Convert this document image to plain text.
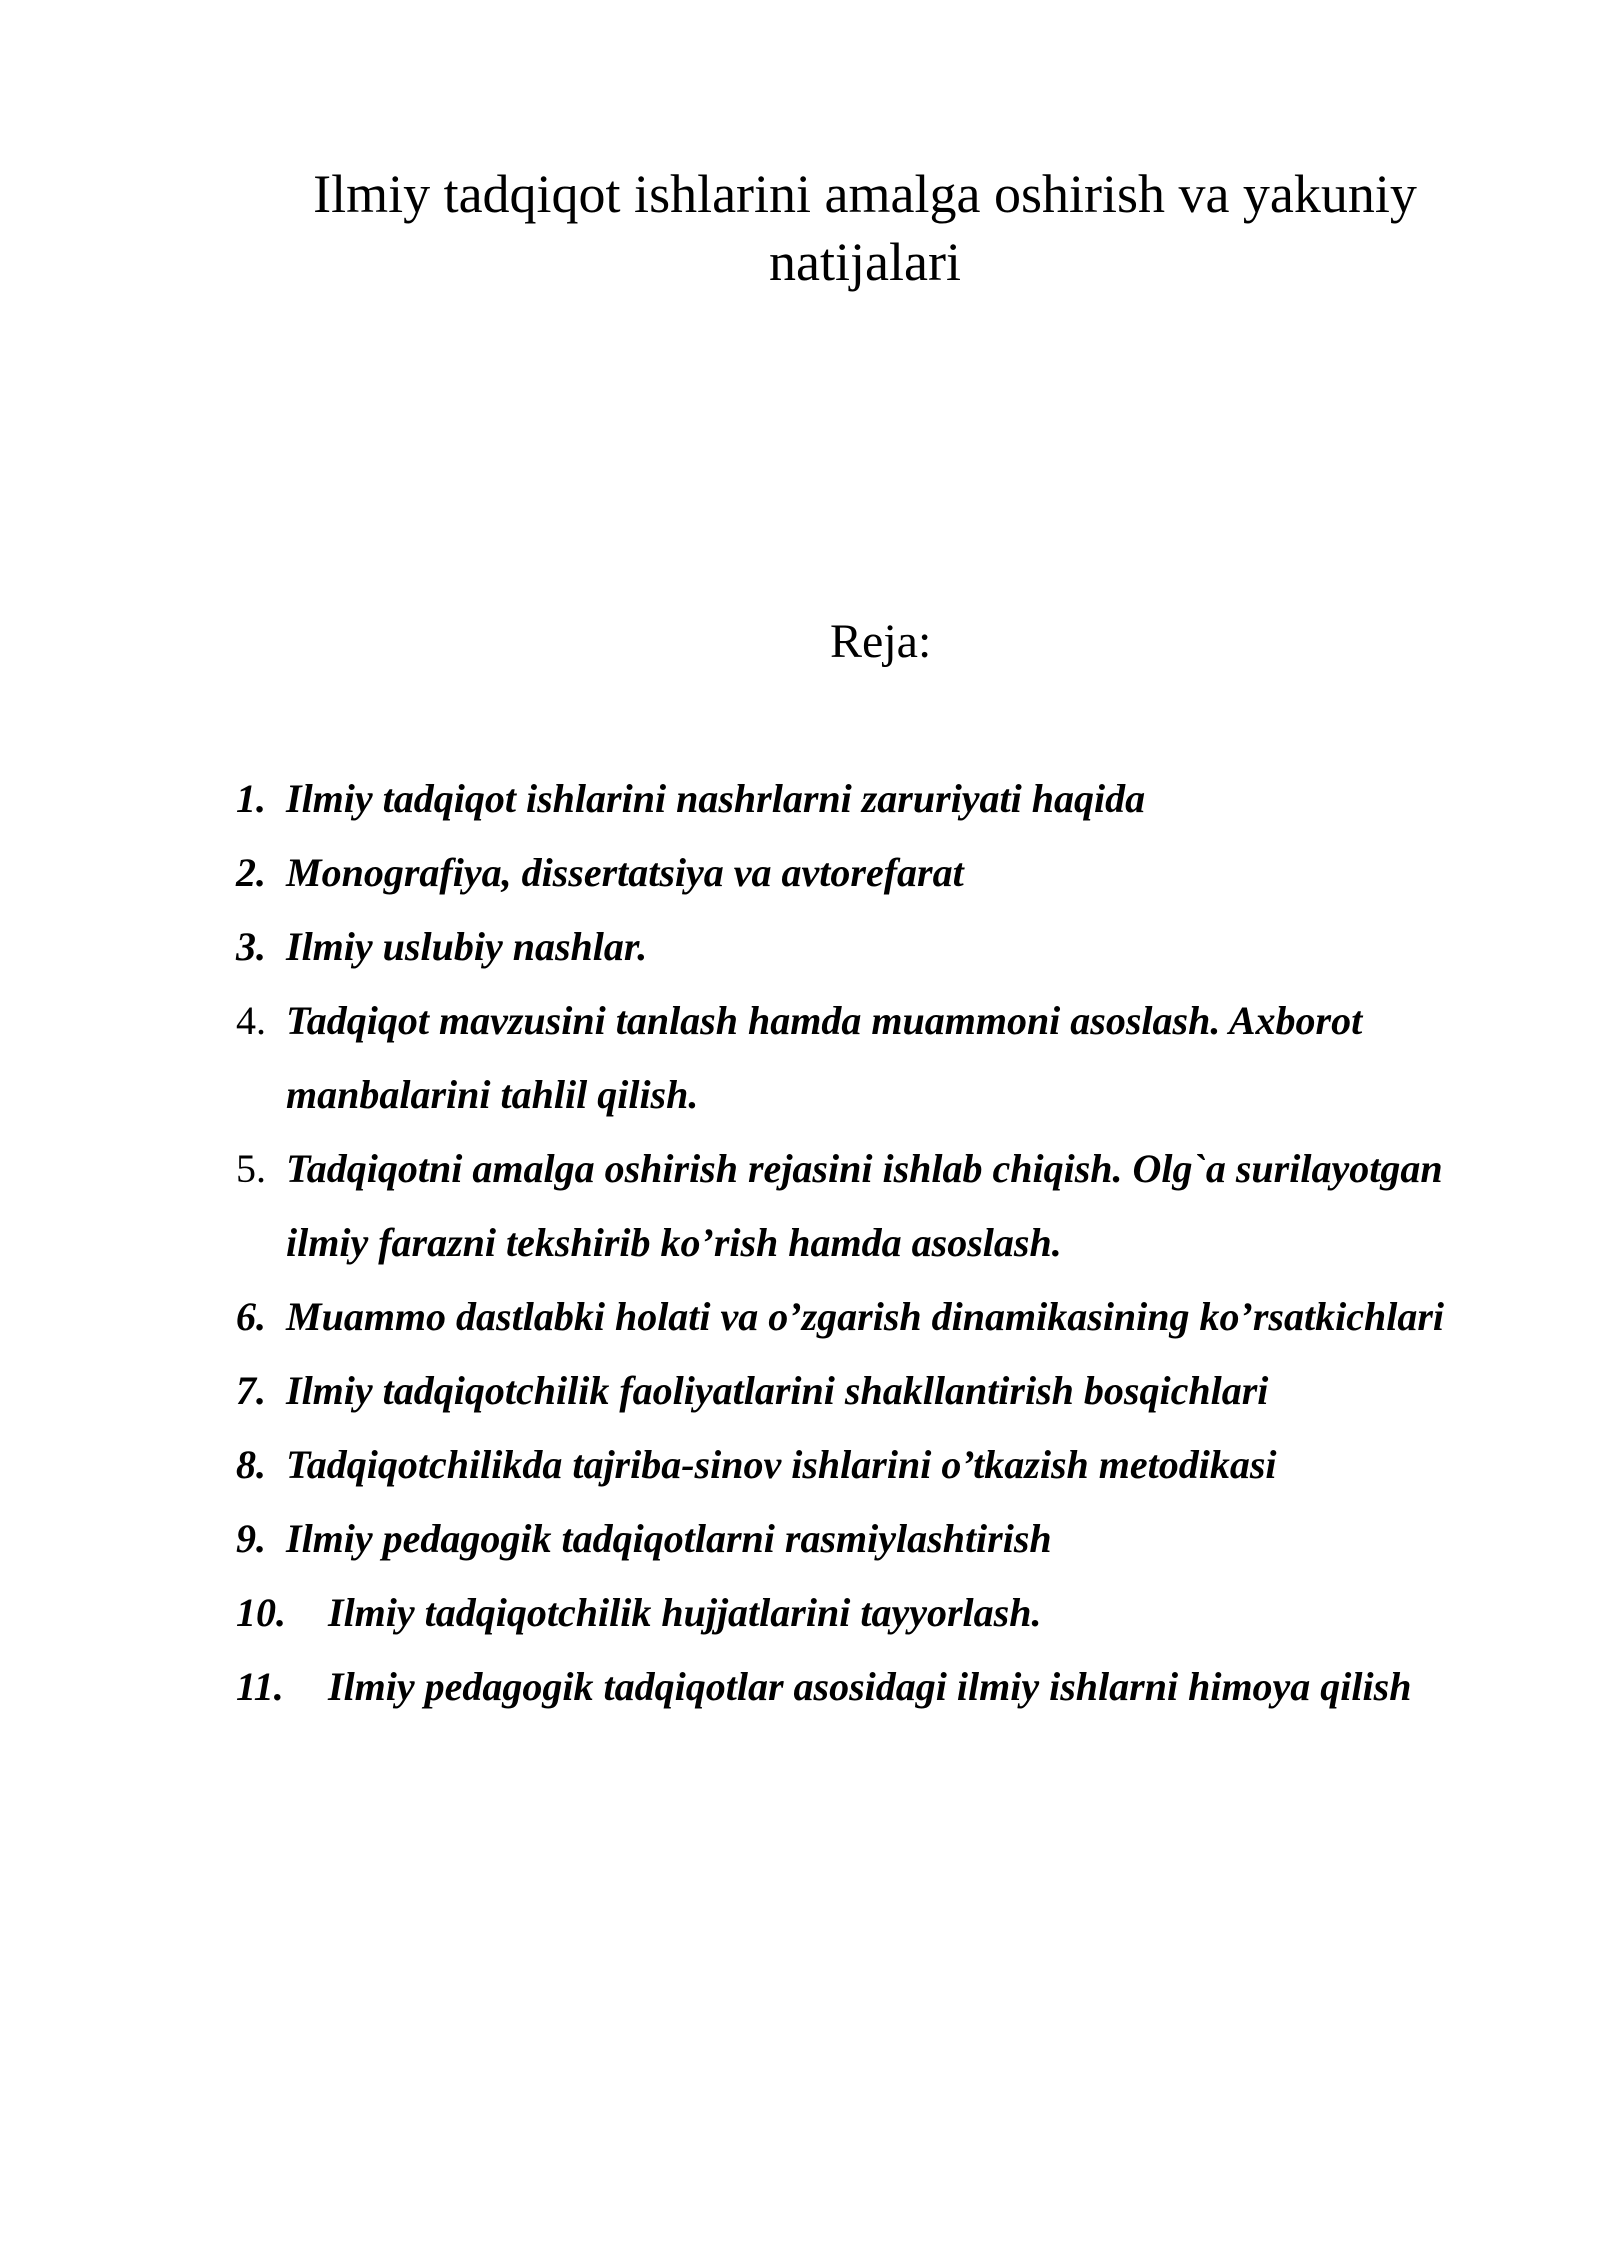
Ilmiy tadqiqot ishlarini amalga oshirish va yakuniy natijalari
Reja:
1. Ilmiy tadqiqot ishlarini nashrlarni zaruriyati haqida
2. Monografiya, dissertatsiya va avtorefarat
3. Ilmiy uslubiy nashlar.
4. Tadqiqot mavzusini tanlash hamda muammoni asoslash. Axborot manbalarini tahlil qilish.
5. Tadqiqotni amalga oshirish rejasini ishlab chiqish. Olg`a surilayotgan ilmiy farazni tekshirib ko’rish hamda asoslash.
6. Muammo dastlabki holati va o’zgarish dinamikasining ko’rsatkichlari
7. Ilmiy tadqiqotchilik faoliyatlarini shakllantirish bosqichlari
8. Tadqiqotchilikda tajriba-sinov ishlarini o’tkazish metodikasi
9. Ilmiy pedagogik tadqiqotlarni rasmiylashtirish
10.	Ilmiy tadqiqotchilik hujjatlarini tayyorlash.
11.	Ilmiy pedagogik tadqiqotlar asosidagi ilmiy ishlarni himoya qilish
